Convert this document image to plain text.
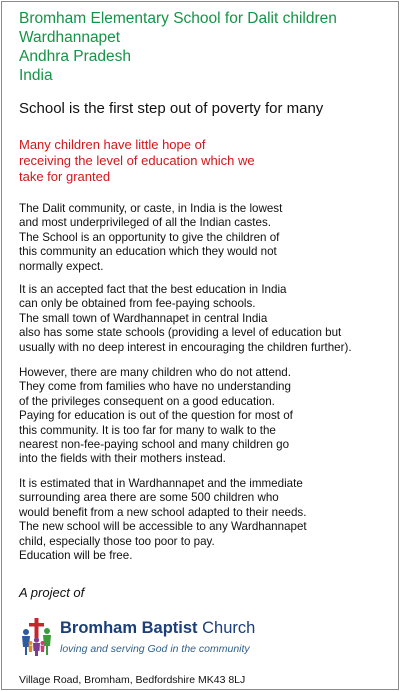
Bromham Elementary School for Dalit children
Wardhannapet
Andhra Pradesh
India
School is the first step out of poverty for many
Many children have little hope of
receiving the level of education which we
take for granted
The Dalit community, or caste, in India is the lowest
and most underprivileged of all the Indian castes.
The School is an opportunity to give the children of
this community an education which they would not
normally expect.
It is an accepted fact that the best education in India
can only be obtained from fee-paying schools.
The small town of Wardhannapet in central India
also has some state schools (providing a level of education but
usually with no deep interest in encouraging the children further).
However, there are many children who do not attend.
They come from families who have no understanding
of the privileges consequent on a good education.
Paying for education is out of the question for most of
this community. It is too far for many to walk to the
nearest non-fee-paying school and many children go
into the fields with their mothers instead.
It is estimated that in Wardhannapet and the immediate
surrounding area there are some 500 children who
would benefit from a new school adapted to their needs.
The new school will be accessible to any Wardhannapet
child, especially those too poor to pay.
Education will be free.
A project of
Bromham Baptist Church
loving and serving God in the community
Village Road, Bromham, Bedfordshire MK43 8LJ
